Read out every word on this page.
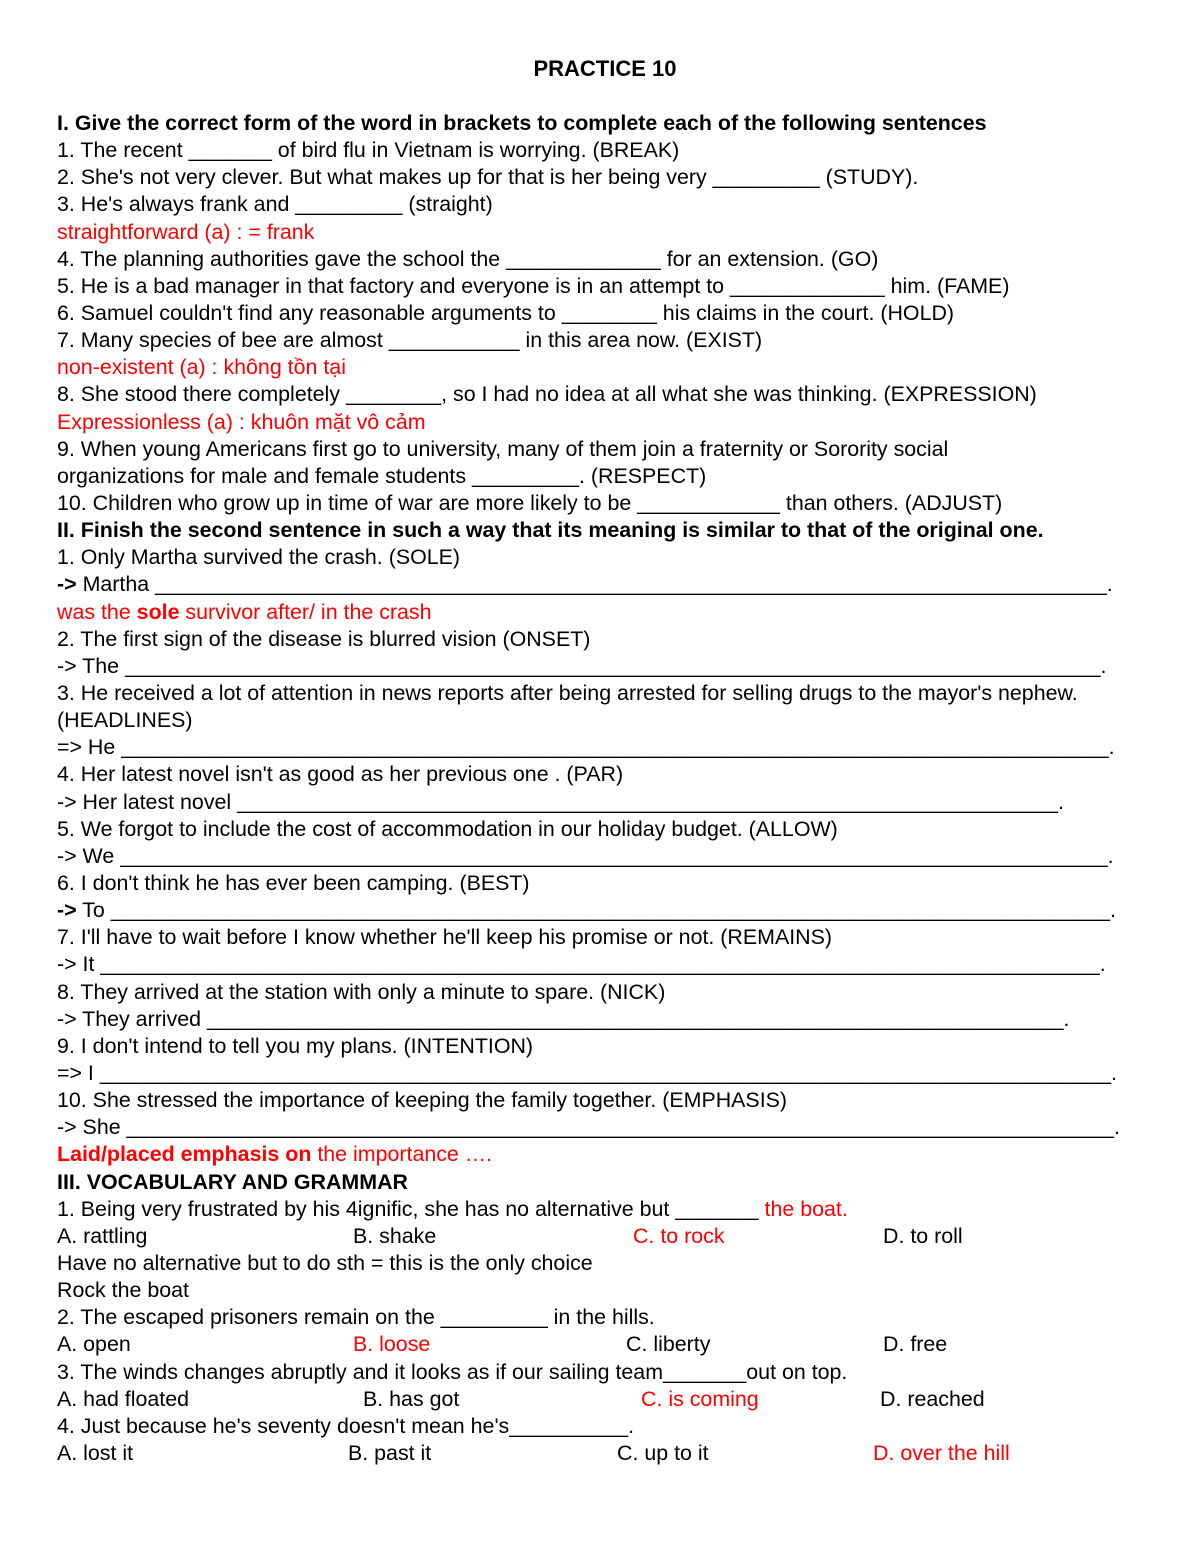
PRACTICE 10
I. Give the correct form of the word in brackets to complete each of the following sentences
1. The recent _______ of bird flu in Vietnam is worrying. (BREAK)
2. She's not very clever. But what makes up for that is her being very _________ (STUDY).
3. He's always frank and _________ (straight)
straightforward (a) : = frank
4. The planning authorities gave the school the _____________ for an extension. (GO)
5. He is a bad manager in that factory and everyone is in an attempt to _____________ him. (FAME)
6. Samuel couldn't find any reasonable arguments to ________ his claims in the court. (HOLD)
7. Many species of bee are almost ___________ in this area now. (EXIST)
non-existent (a) : không tồn tại
8. She stood there completely ________, so I had no idea at all what she was thinking. (EXPRESSION)
Expressionless (a) : khuôn mặt vô cảm
9. When young Americans first go to university, many of them join a fraternity or Sorority social organizations for male and female students _________. (RESPECT)
10. Children who grow up in time of war are more likely to be ____________ than others. (ADJUST)
II. Finish the second sentence in such a way that its meaning is similar to that of the original one.
1. Only Martha survived the crash. (SOLE)
-> Martha ________________________________________________________________________________.
was the sole survivor after/ in the crash
2. The first sign of the disease is blurred vision (ONSET)
-> The __________________________________________________________________________________.
3. He received a lot of attention in news reports after being arrested for selling drugs to the mayor's nephew. (HEADLINES)
=> He ___________________________________________________________________________________.
4. Her latest novel isn't as good as her previous one . (PAR)
-> Her latest novel _____________________________________________________________________.
5. We forgot to include the cost of accommodation in our holiday budget. (ALLOW)
-> We ___________________________________________________________________________________.
6. I don't think he has ever been camping. (BEST)
-> To ____________________________________________________________________________________.
7. I'll have to wait before I know whether he'll keep his promise or not. (REMAINS)
-> It ____________________________________________________________________________________.
8. They arrived at the station with only a minute to spare. (NICK)
-> They arrived ________________________________________________________________________.
9. I don't intend to tell you my plans. (INTENTION)
=> I _____________________________________________________________________________________.
10. She stressed the importance of keeping the family together. (EMPHASIS)
-> She ___________________________________________________________________________________.
Laid/placed emphasis on the importance ….
III. VOCABULARY AND GRAMMAR
1. Being very frustrated by his 4ignific, she has no alternative but _______ the boat.
A. rattling	B. shake	C. to rock	D. to roll
Have no alternative but to do sth = this is the only choice
Rock the boat
2. The escaped prisoners remain on the _________ in the hills.
A. open	B. loose	C. liberty	D. free
3. The winds changes abruptly and it looks as if our sailing team_______out on top.
A. had floated	B. has got	C. is coming	D. reached
4. Just because he's seventy doesn't mean he's__________.
A. lost it	B. past it	C. up to it	D. over the hill
